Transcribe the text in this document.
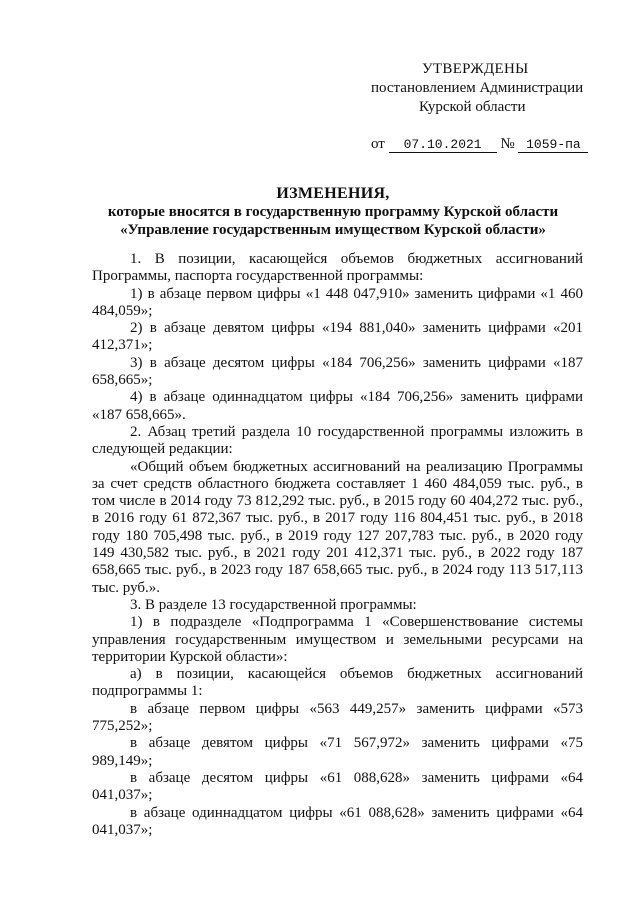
УТВЕРЖДЕНЫ
постановлением Администрации
Курской области
от 07.10.2021 № 1059-па
ИЗМЕНЕНИЯ,
которые вносятся в государственную программу Курской области
«Управление государственным имуществом Курской области»

1. В позиции, касающейся объемов бюджетных ассигнований Программы, паспорта государственной программы:

1) в абзаце первом цифры «1 448 047,910» заменить цифрами «1 460 484,059»;

2) в абзаце девятом цифры «194 881,040» заменить цифрами «201 412,371»;

3) в абзаце десятом цифры «184 706,256» заменить цифрами «187 658,665»;

4) в абзаце одиннадцатом цифры «184 706,256» заменить цифрами «187 658,665».

2. Абзац третий раздела 10 государственной программы изложить в следующей редакции:

«Общий объем бюджетных ассигнований на реализацию Программы за счет средств областного бюджета составляет 1 460 484,059 тыс. руб., в том числе в 2014 году 73 812,292 тыс. руб., в 2015 году 60 404,272 тыс. руб., в 2016 году 61 872,367 тыс. руб., в 2017 году 116 804,451 тыс. руб., в 2018 году 180 705,498 тыс. руб., в 2019 году 127 207,783 тыс. руб., в 2020 году 149 430,582 тыс. руб., в 2021 году 201 412,371 тыс. руб., в 2022 году 187 658,665 тыс. руб., в 2023 году 187 658,665 тыс. руб., в 2024 году 113 517,113 тыс. руб.».

3. В разделе 13 государственной программы:

1) в подразделе «Подпрограмма 1 «Совершенствование системы управления государственным имуществом и земельными ресурсами на территории Курской области»:

а) в позиции, касающейся объемов бюджетных ассигнований подпрограммы 1:

в абзаце первом цифры «563 449,257» заменить цифрами «573 775,252»;

в абзаце девятом цифры «71 567,972» заменить цифрами «75 989,149»;

в абзаце десятом цифры «61 088,628» заменить цифрами «64 041,037»;

в абзаце одиннадцатом цифры «61 088,628» заменить цифрами «64 041,037»;
